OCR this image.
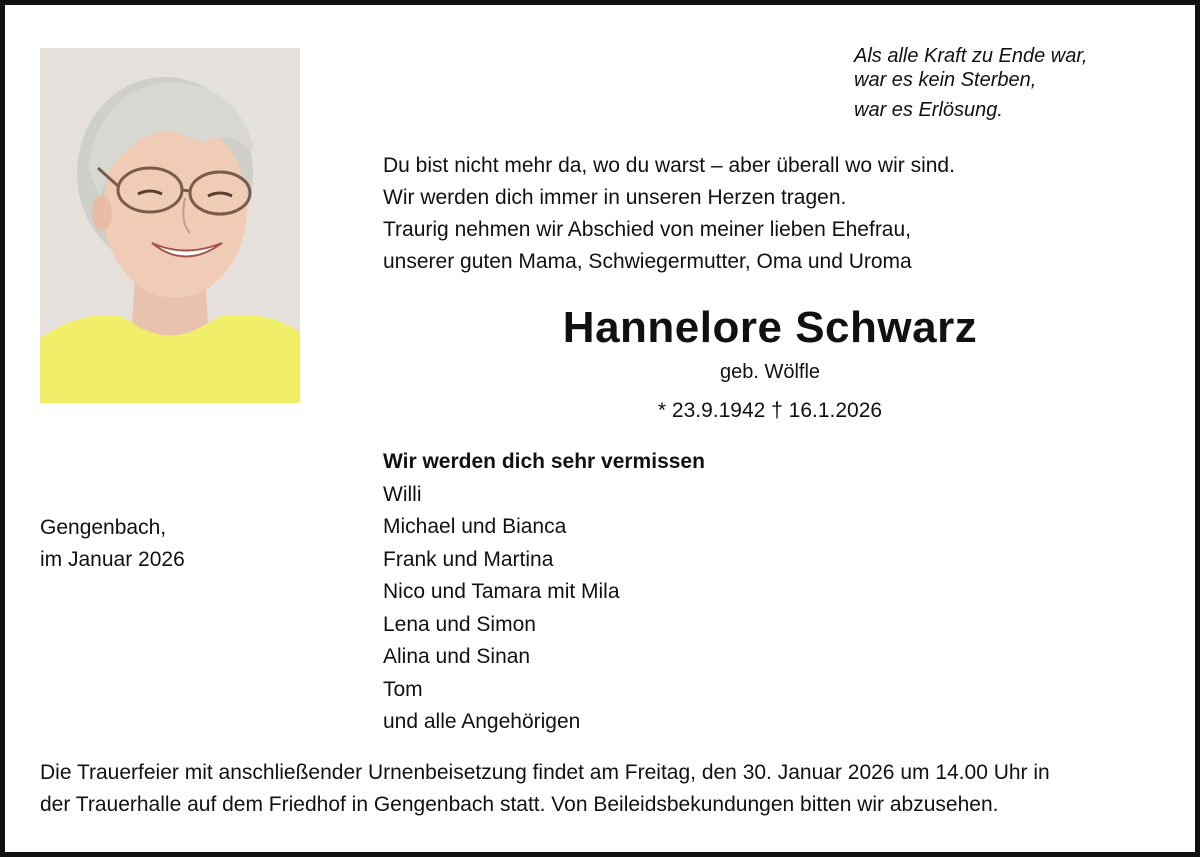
Als alle Kraft zu Ende war,
war es kein Sterben,
war es Erlösung.
Du bist nicht mehr da, wo du warst – aber überall wo wir sind.
Wir werden dich immer in unseren Herzen tragen.
Traurig nehmen wir Abschied von meiner lieben Ehefrau,
unserer guten Mama, Schwiegermutter, Oma und Uroma
Hannelore Schwarz
geb. Wölfle
* 23.9.1942 † 16.1.2026
Gengenbach,
im Januar 2026
Wir werden dich sehr vermissen
Willi
Michael und Bianca
Frank und Martina
Nico und Tamara mit Mila
Lena und Simon
Alina und Sinan
Tom
und alle Angehörigen
Die Trauerfeier mit anschließender Urnenbeisetzung findet am Freitag, den 30. Januar 2026 um 14.00 Uhr in
der Trauerhalle auf dem Friedhof in Gengenbach statt. Von Beileidsbekundungen bitten wir abzusehen.
